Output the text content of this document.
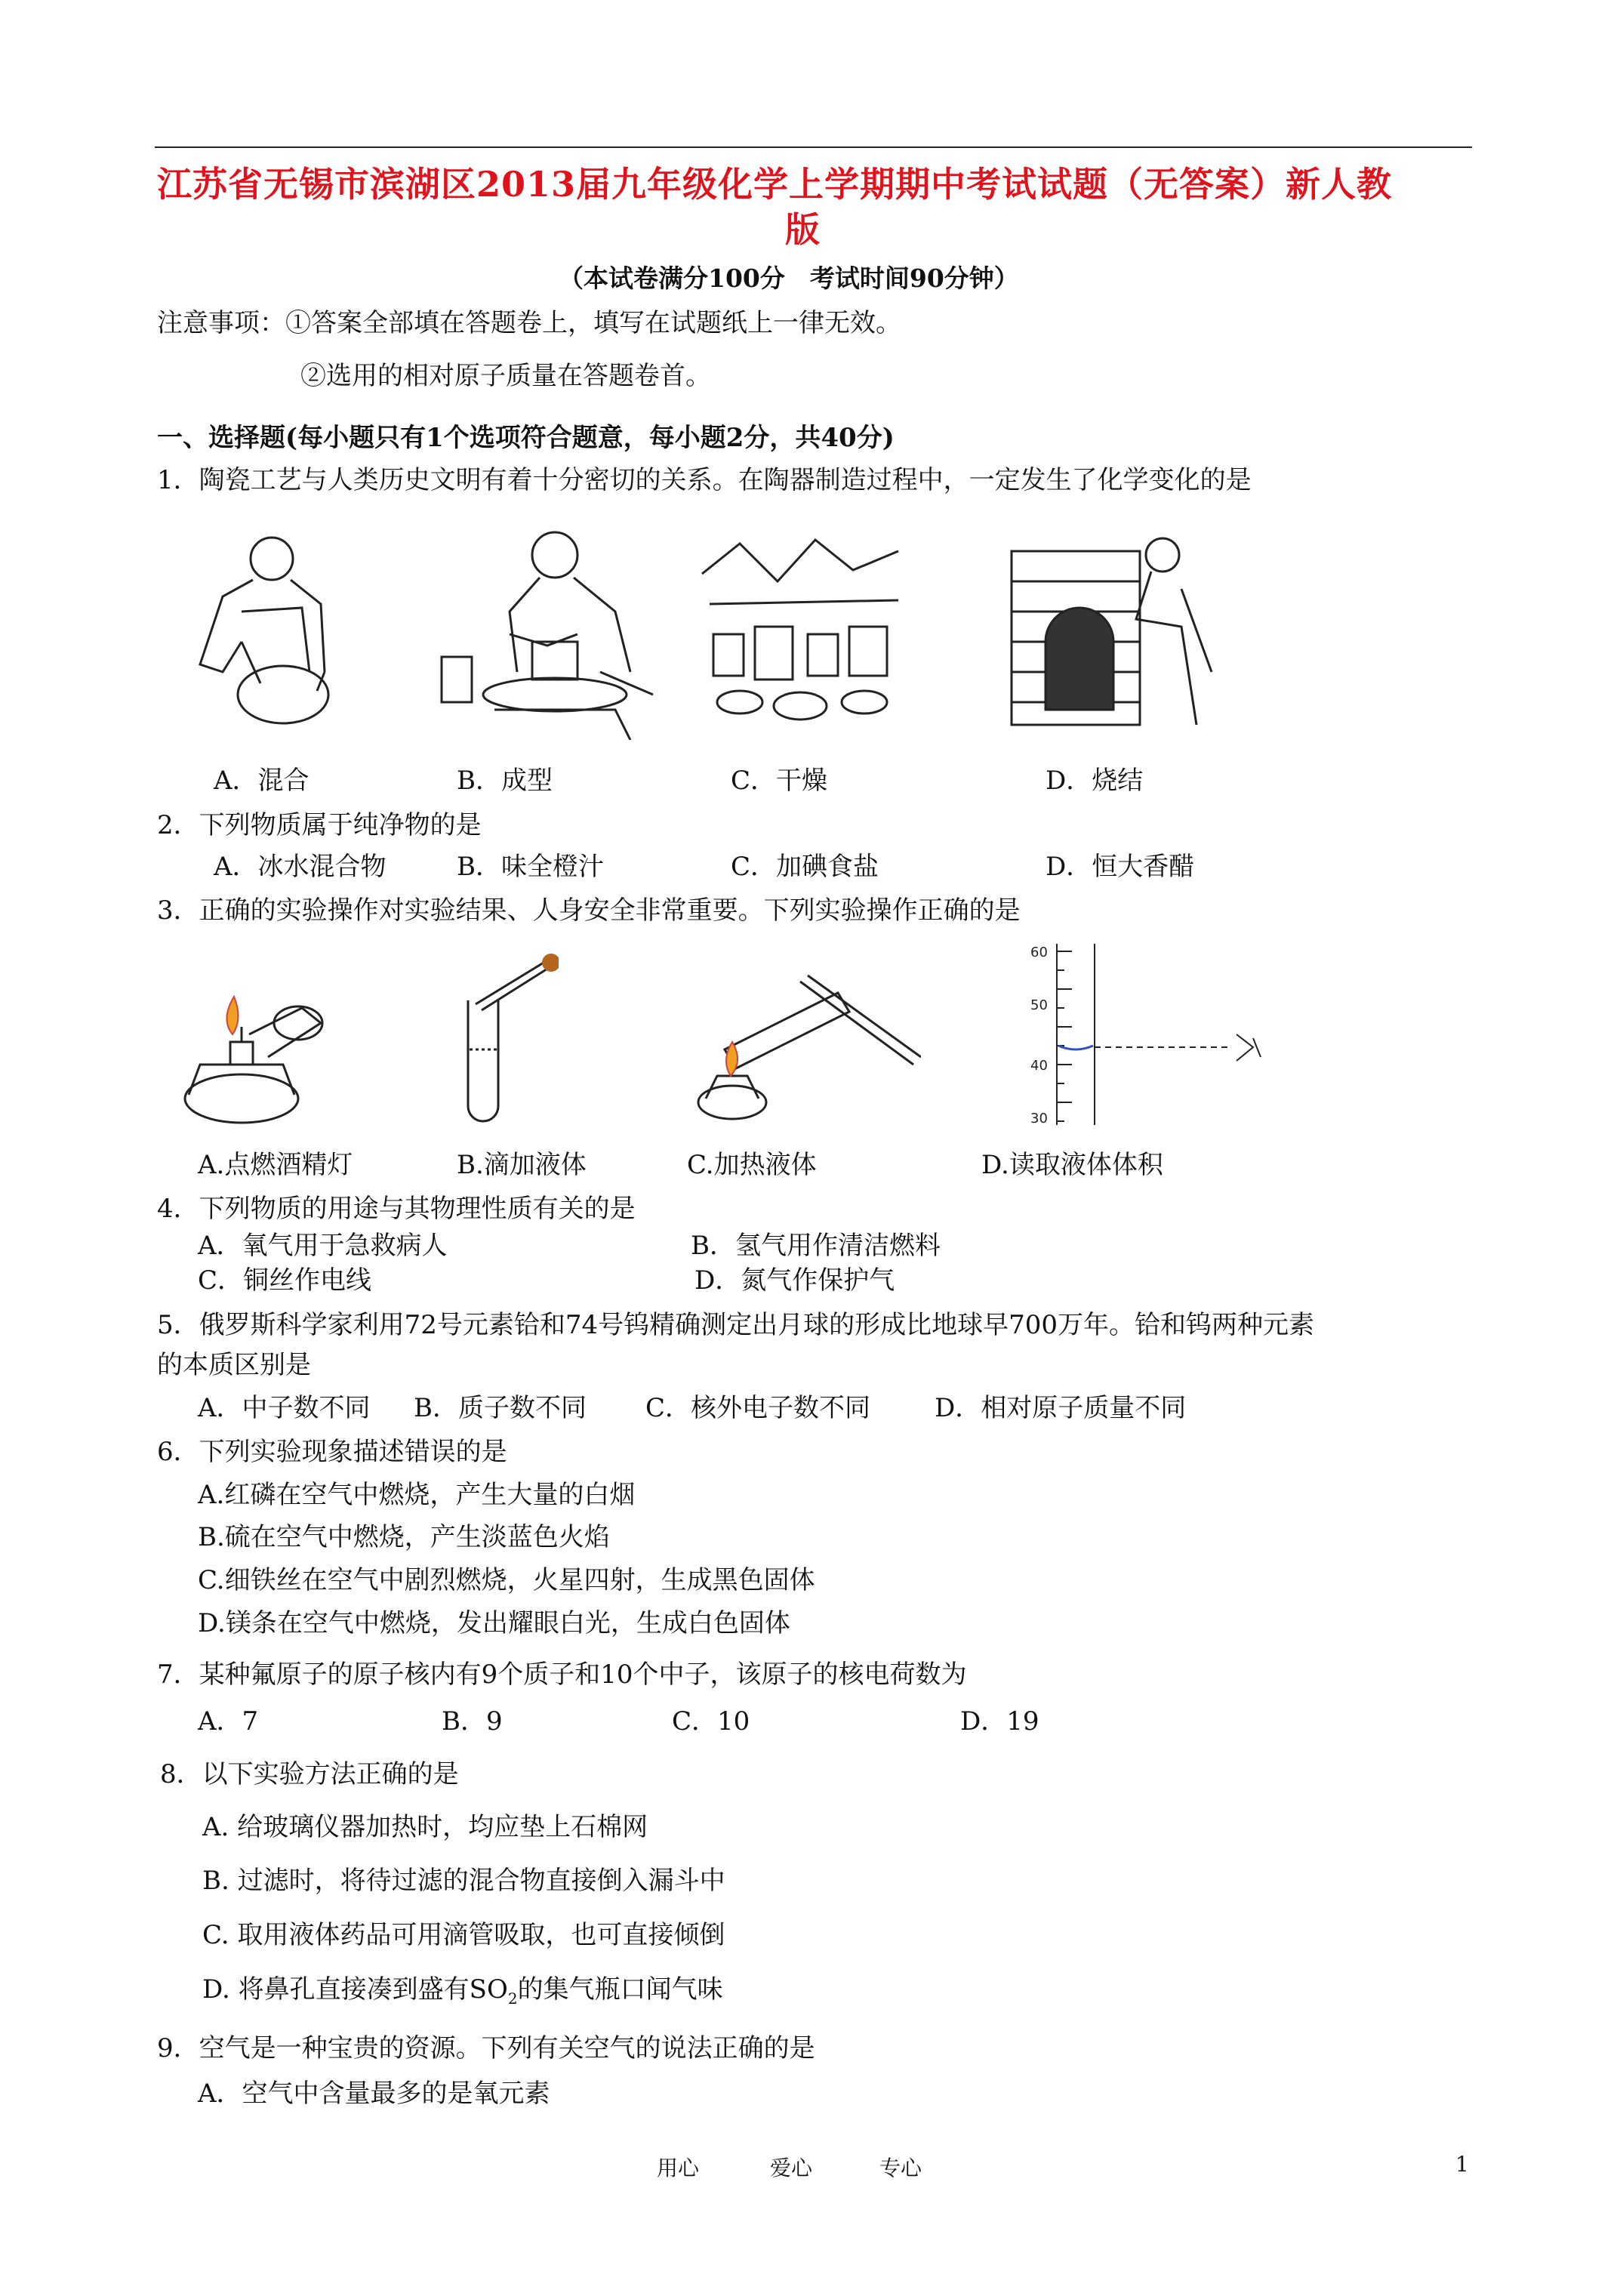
江苏省无锡市滨湖区2013届九年级化学上学期期中考试试题（无答案）新人教
版
（本试卷满分100分　考试时间90分钟）
注意事项：①答案全部填在答题卷上，填写在试题纸上一律无效。
②选用的相对原子质量在答题卷首。
一、选择题(每小题只有1个选项符合题意，每小题2分，共40分)
1．陶瓷工艺与人类历史文明有着十分密切的关系。在陶器制造过程中，一定发生了化学变化的是
A．混合	B．成型	C．干燥	D．烧结
2．下列物质属于纯净物的是
A．冰水混合物	B．味全橙汁	C．加碘食盐	D．恒大香醋
3．正确的实验操作对实验结果、人身安全非常重要。下列实验操作正确的是
60
50
40
30
A.点燃酒精灯	B.滴加液体	C.加热液体	D.读取液体体积
4．下列物质的用途与其物理性质有关的是
A．氧气用于急救病人	B．氢气用作清洁燃料
C．铜丝作电线	D．氮气作保护气
5．俄罗斯科学家利用72号元素铪和74号钨精确测定出月球的形成比地球早700万年。铪和钨两种元素
的本质区别是
A．中子数不同 B．质子数不同 C．核外电子数不同 D．相对原子质量不同
6．下列实验现象描述错误的是
A.红磷在空气中燃烧，产生大量的白烟
B.硫在空气中燃烧，产生淡蓝色火焰
C.细铁丝在空气中剧烈燃烧，火星四射，生成黑色固体
D.镁条在空气中燃烧，发出耀眼白光，生成白色固体
7．某种氟原子的原子核内有9个质子和10个中子，该原子的核电荷数为
A．7	B．9	C．10	D．19
8．以下实验方法正确的是
A. 给玻璃仪器加热时，均应垫上石棉网
B. 过滤时，将待过滤的混合物直接倒入漏斗中
C. 取用液体药品可用滴管吸取，也可直接倾倒
D. 将鼻孔直接凑到盛有$SO_2$的集气瓶口闻气味
9．空气是一种宝贵的资源。下列有关空气的说法正确的是
A．空气中含量最多的是氧元素
用心	爱心	专心	1
